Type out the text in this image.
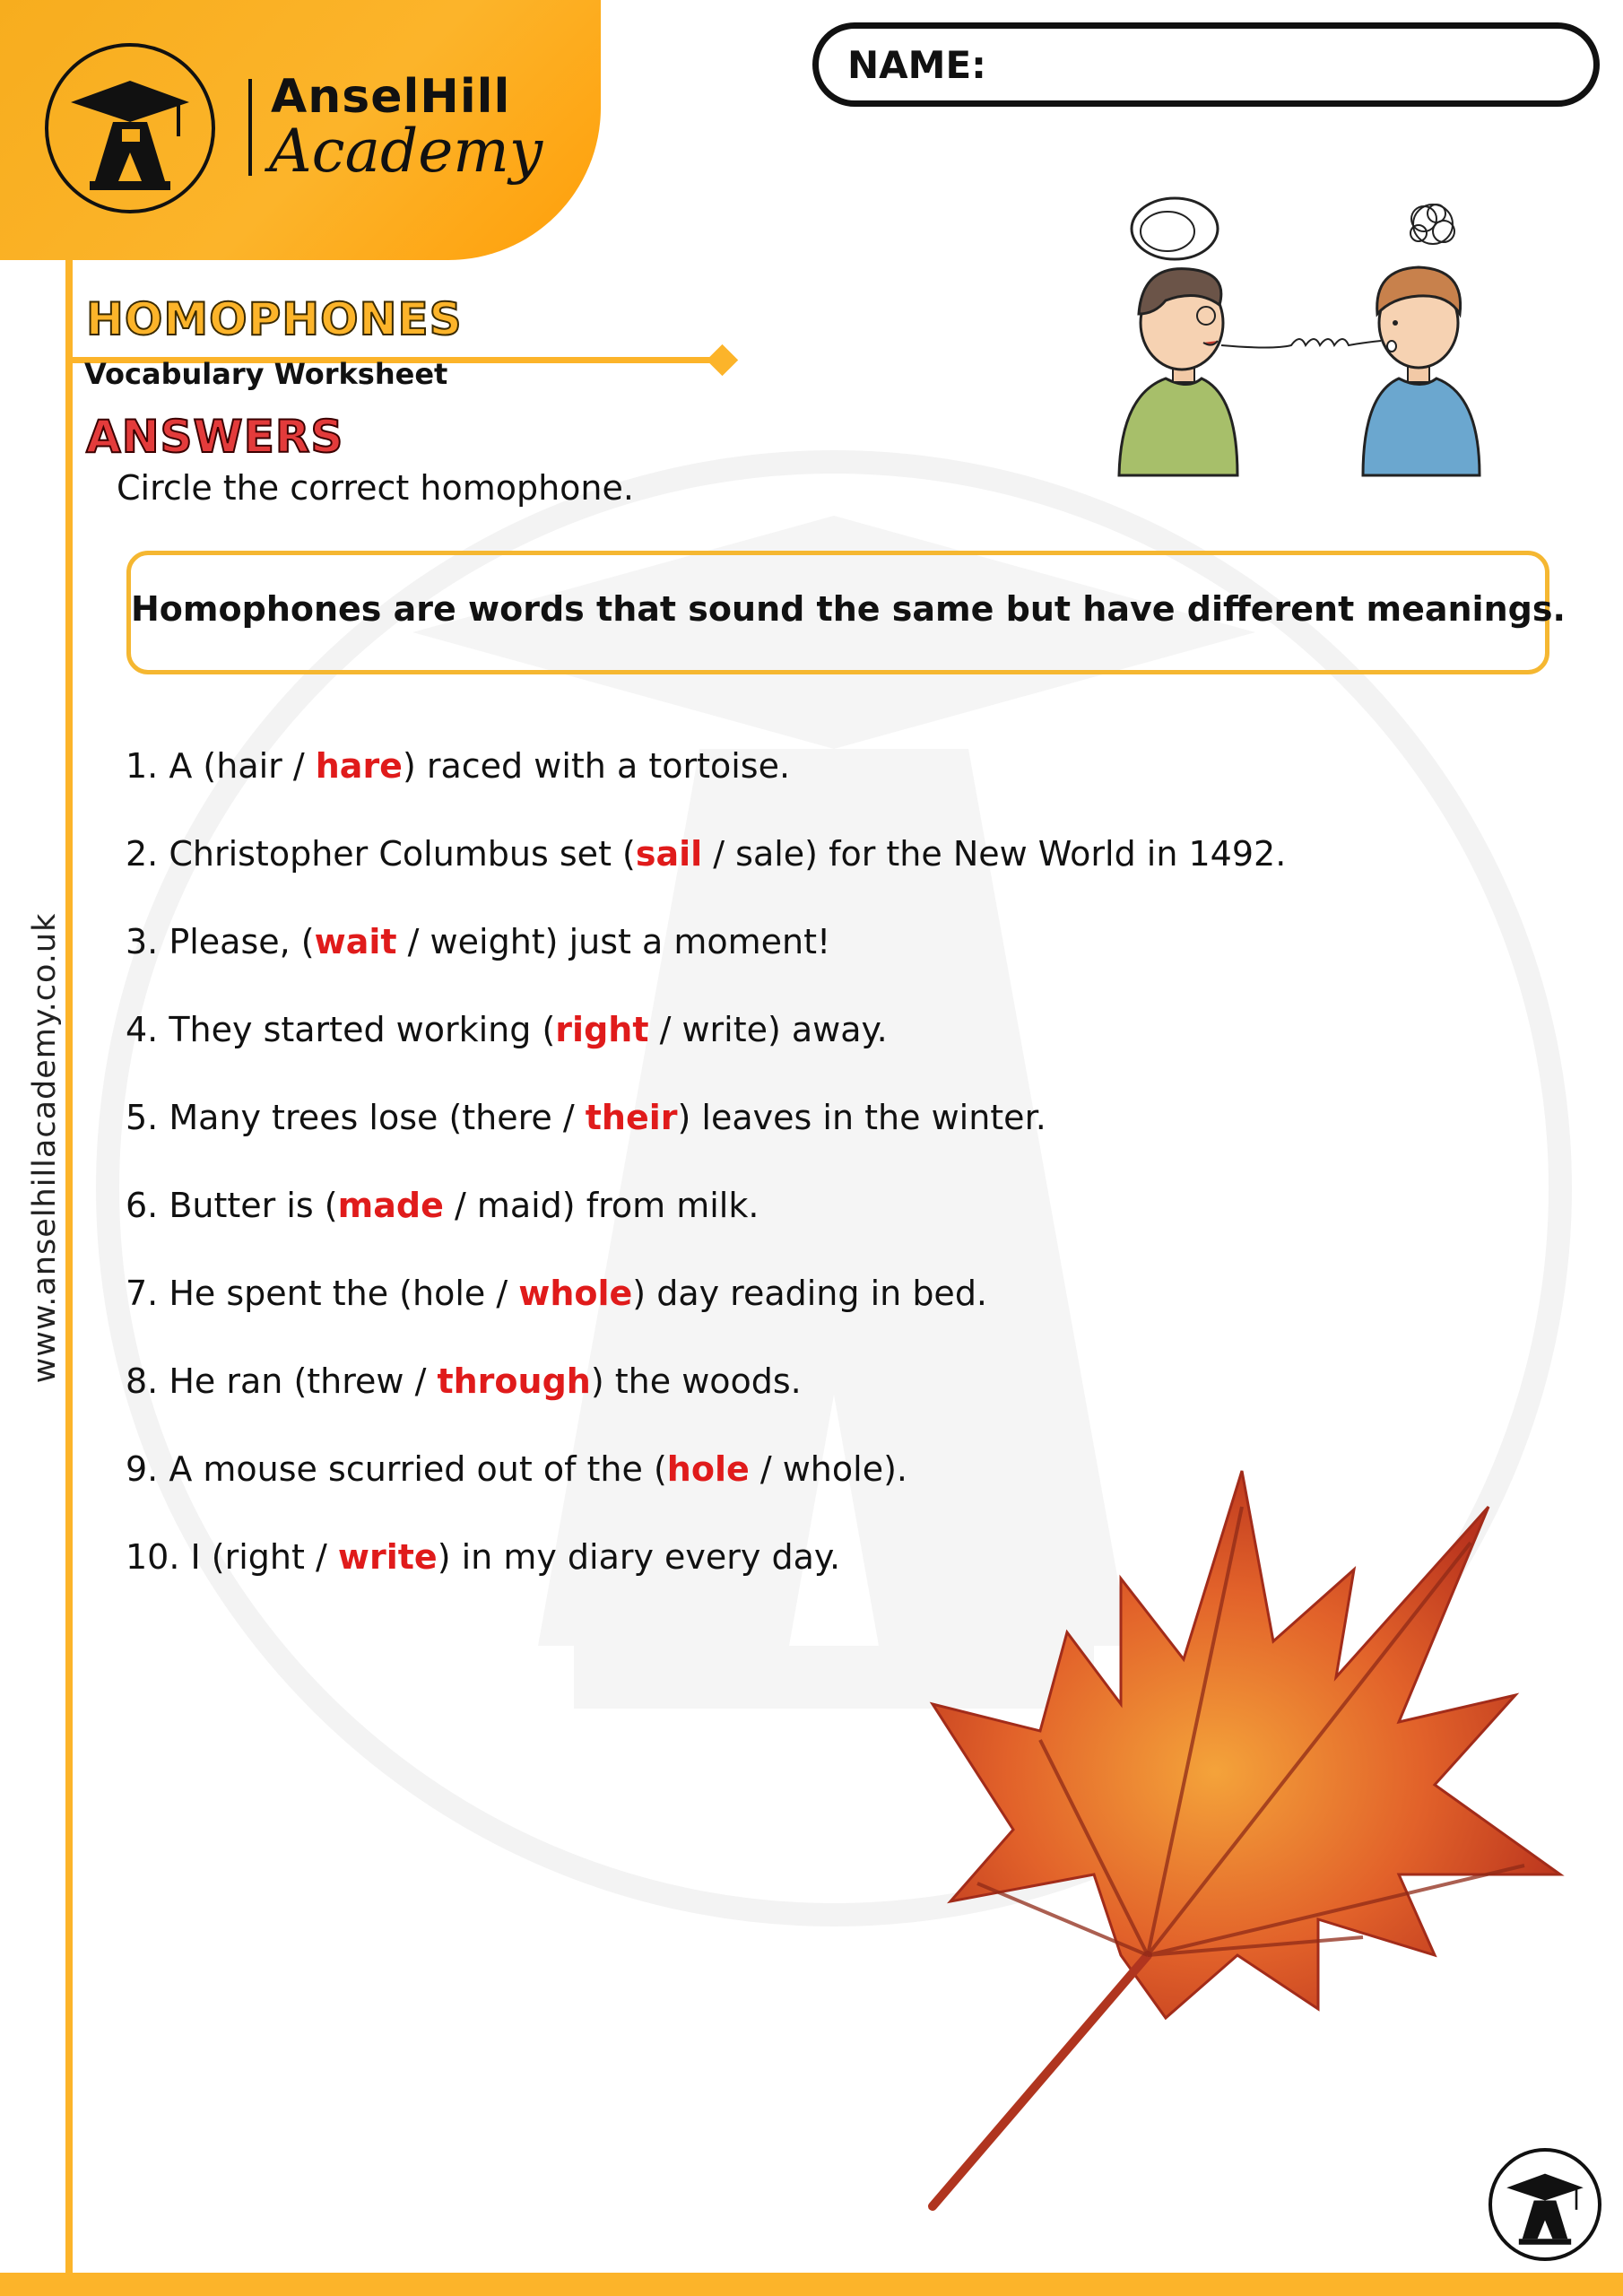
AnselHill
Academy
NAME:
www.anselhillacademy.co.uk
HOMOPHONES
Vocabulary Worksheet
ANSWERS
Circle the correct homophone.
Homophones are words that sound the same but have different meanings.
1. A (hair / hare) raced with a tortoise.
2. Christopher Columbus set (sail / sale) for the New World in 1492.
3. Please, (wait / weight) just a moment!
4. They started working (right / write) away.
5. Many trees lose (there / their) leaves in the winter.
6. Butter is (made / maid) from milk.
7. He spent the (hole / whole) day reading in bed.
8. He ran (threw / through) the woods.
9. A mouse scurried out of the (hole / whole).
10. I (right / write) in my diary every day.
